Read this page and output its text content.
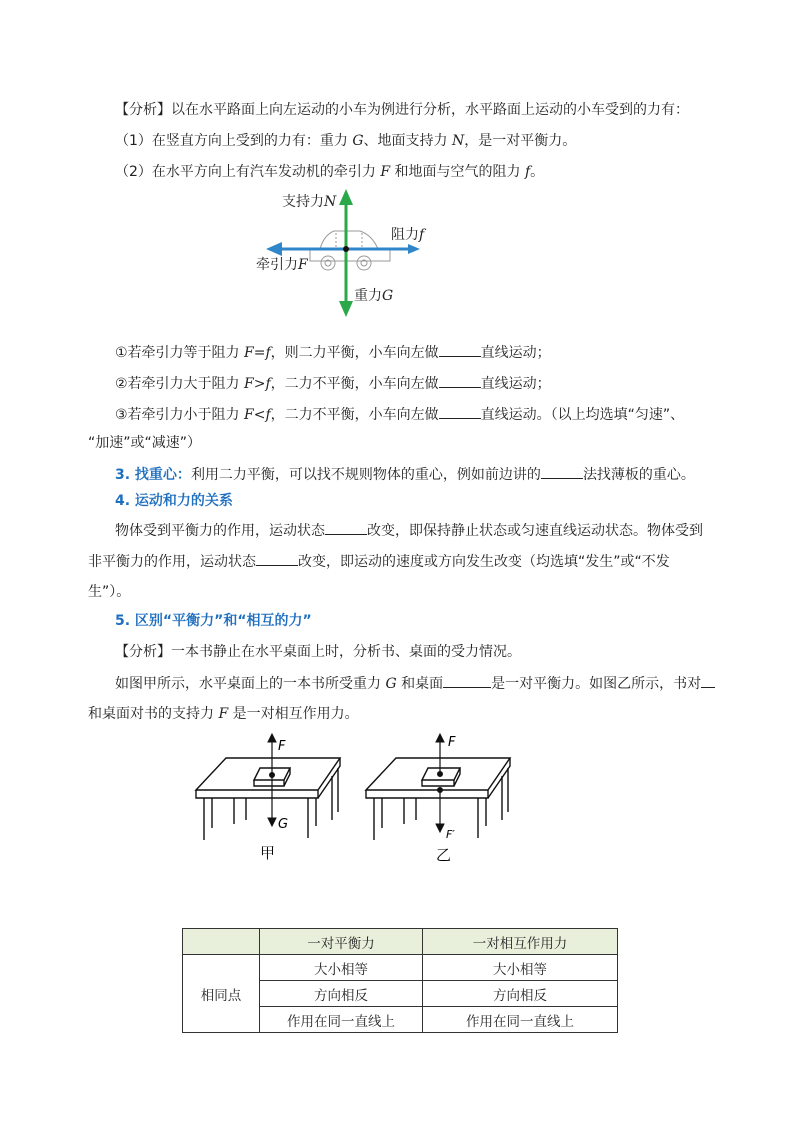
【分析】以在水平路面上向左运动的小车为例进行分析，水平路面上运动的小车受到的力有：
（1）在竖直方向上受到的力有：重力 G、地面支持力 N，是一对平衡力。
（2）在水平方向上有汽车发动机的牵引力 F 和地面与空气的阻力 f。
支持力N
阻力f
牵引力F
重力G
①若牵引力等于阻力 F=f，则二力平衡，小车向左做	直线运动；
②若牵引力大于阻力 F>f，二力不平衡，小车向左做	直线运动；
③若牵引力小于阻力 F<f，二力不平衡，小车向左做	直线运动。（以上均选填“匀速”、
“加速”或“减速”）
3. 找重心：利用二力平衡，可以找不规则物体的重心，例如前边讲的	法找薄板的重心。
4. 运动和力的关系
物体受到平衡力的作用，运动状态	改变，即保持静止状态或匀速直线运动状态。物体受到
非平衡力的作用，运动状态	改变，即运动的速度或方向发生改变（均选填“发生”或“不发
生”）。
5. 区别“平衡力”和“相互的力”
【分析】一本书静止在水平桌面上时，分析书、桌面的受力情况。
如图甲所示，水平桌面上的一本书所受重力 G 和桌面	是一对平衡力。如图乙所示，书对
和桌面对书的支持力 F 是一对相互作用力。
F
G
甲
F
F′
乙
	一对平衡力	一对相互作用力
相同点	大小相等	大小相等
	方向相反	方向相反
	作用在同一直线上	作用在同一直线上
